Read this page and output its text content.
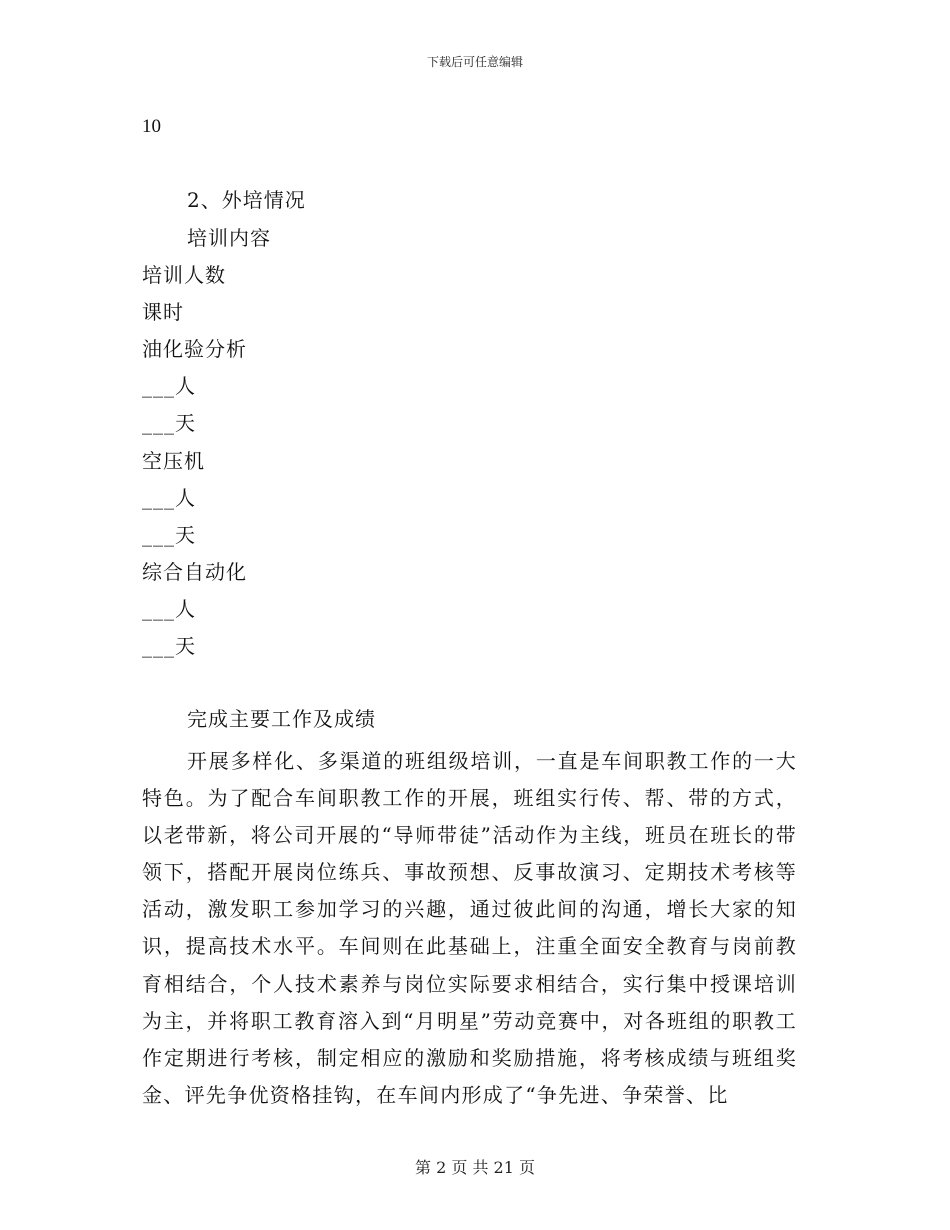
下载后可任意编辑
10
2、外培情况
培训内容
培训人数
课时
油化验分析
___人
___天
空压机
___人
___天
综合自动化
___人
___天
完成主要工作及成绩
开展多样化、多渠道的班组级培训，一直是车间职教工作的一大特色。为了配合车间职教工作的开展，班组实行传、帮、带的方式，以老带新，将公司开展的“导师带徒”活动作为主线，班员在班长的带领下，搭配开展岗位练兵、事故预想、反事故演习、定期技术考核等活动，激发职工参加学习的兴趣，通过彼此间的沟通，增长大家的知识，提高技术水平。车间则在此基础上，注重全面安全教育与岗前教育相结合，个人技术素养与岗位实际要求相结合，实行集中授课培训为主，并将职工教育溶入到“月明星”劳动竞赛中，对各班组的职教工作定期进行考核，制定相应的激励和奖励措施，将考核成绩与班组奖金、评先争优资格挂钩，在车间内形成了“争先进、争荣誉、比
第 2 页 共 21 页
